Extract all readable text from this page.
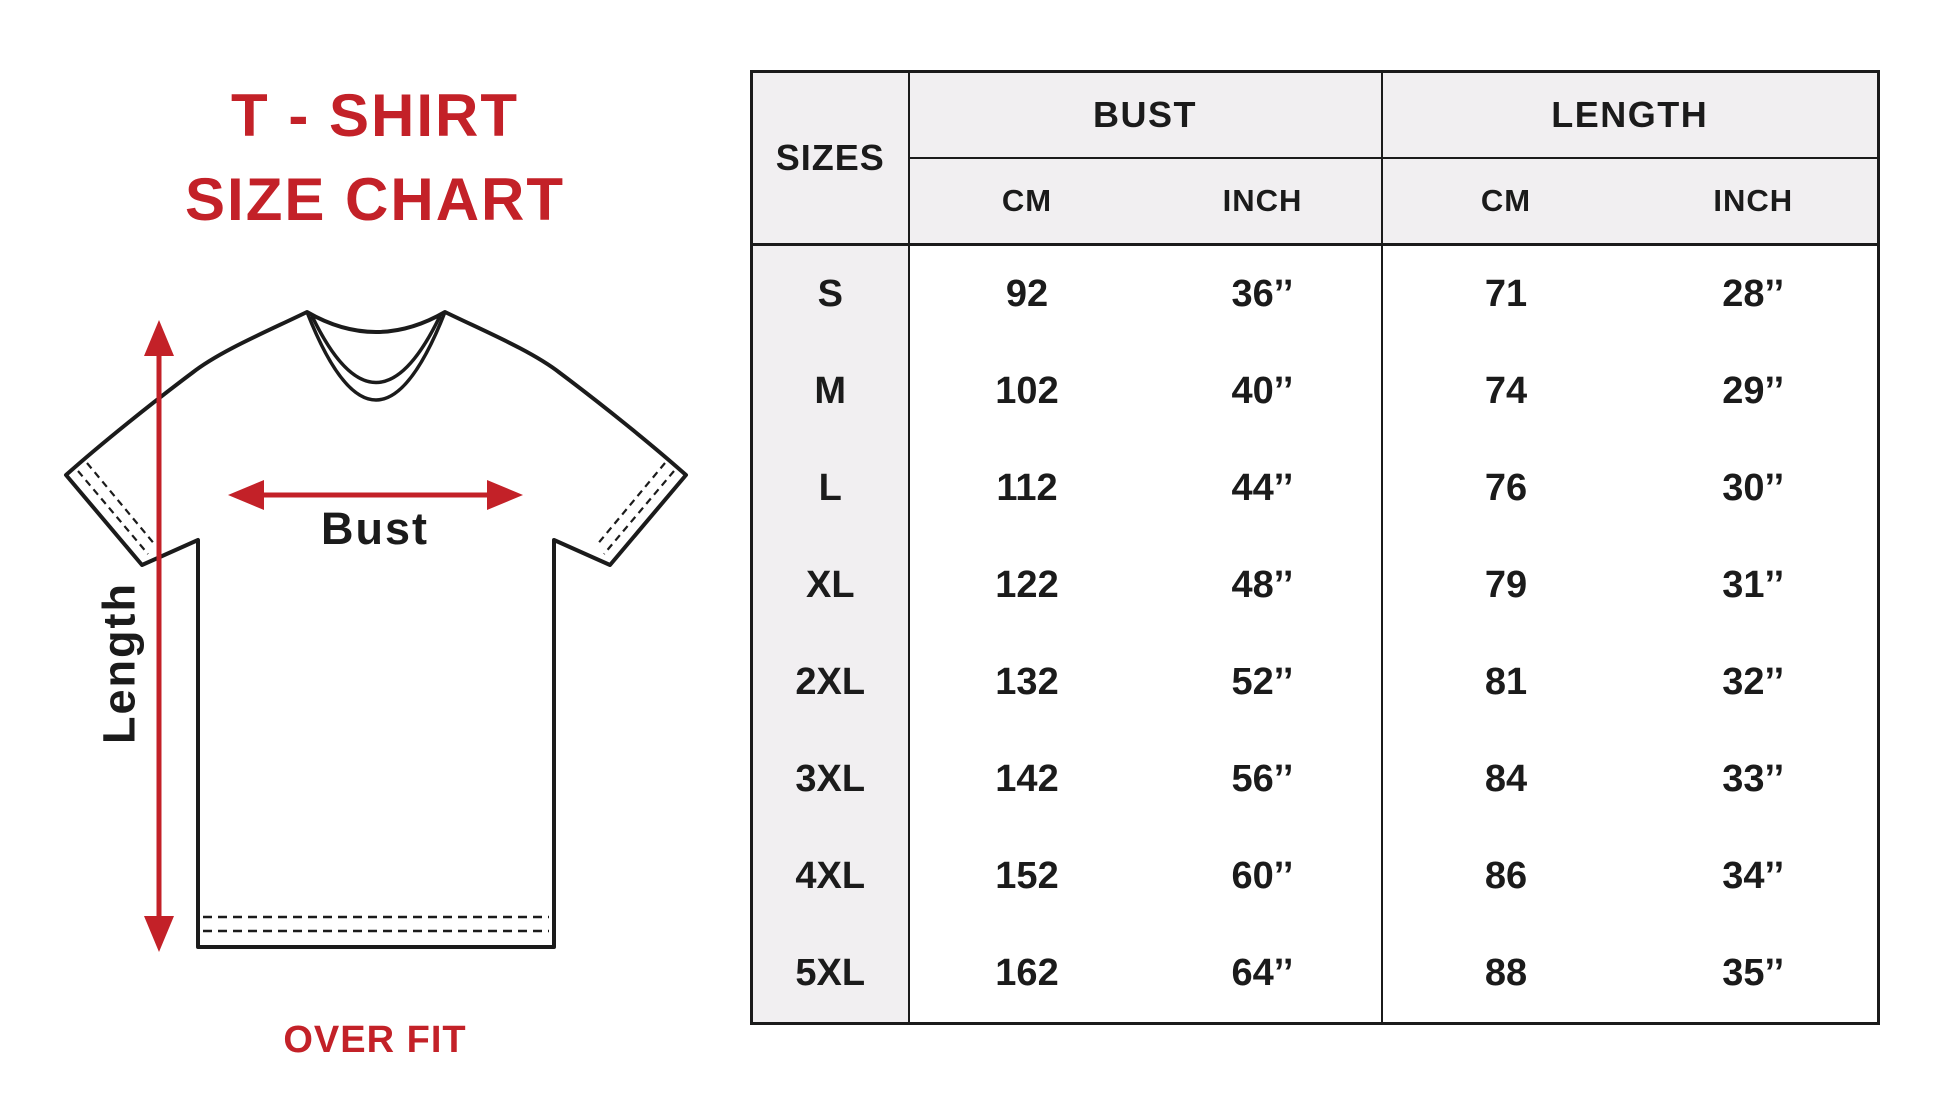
T - SHIRT
SIZE CHART
Bust
Length
OVER FIT
SIZES	BUST		LENGTH	
	CM	INCH	CM	INCH
S	92	36’’	71	28’’
M	102	40’’	74	29’’
L	112	44’’	76	30’’
XL	122	48’’	79	31’’
2XL	132	52’’	81	32’’
3XL	142	56’’	84	33’’
4XL	152	60’’	86	34’’
5XL	162	64’’	88	35’’
